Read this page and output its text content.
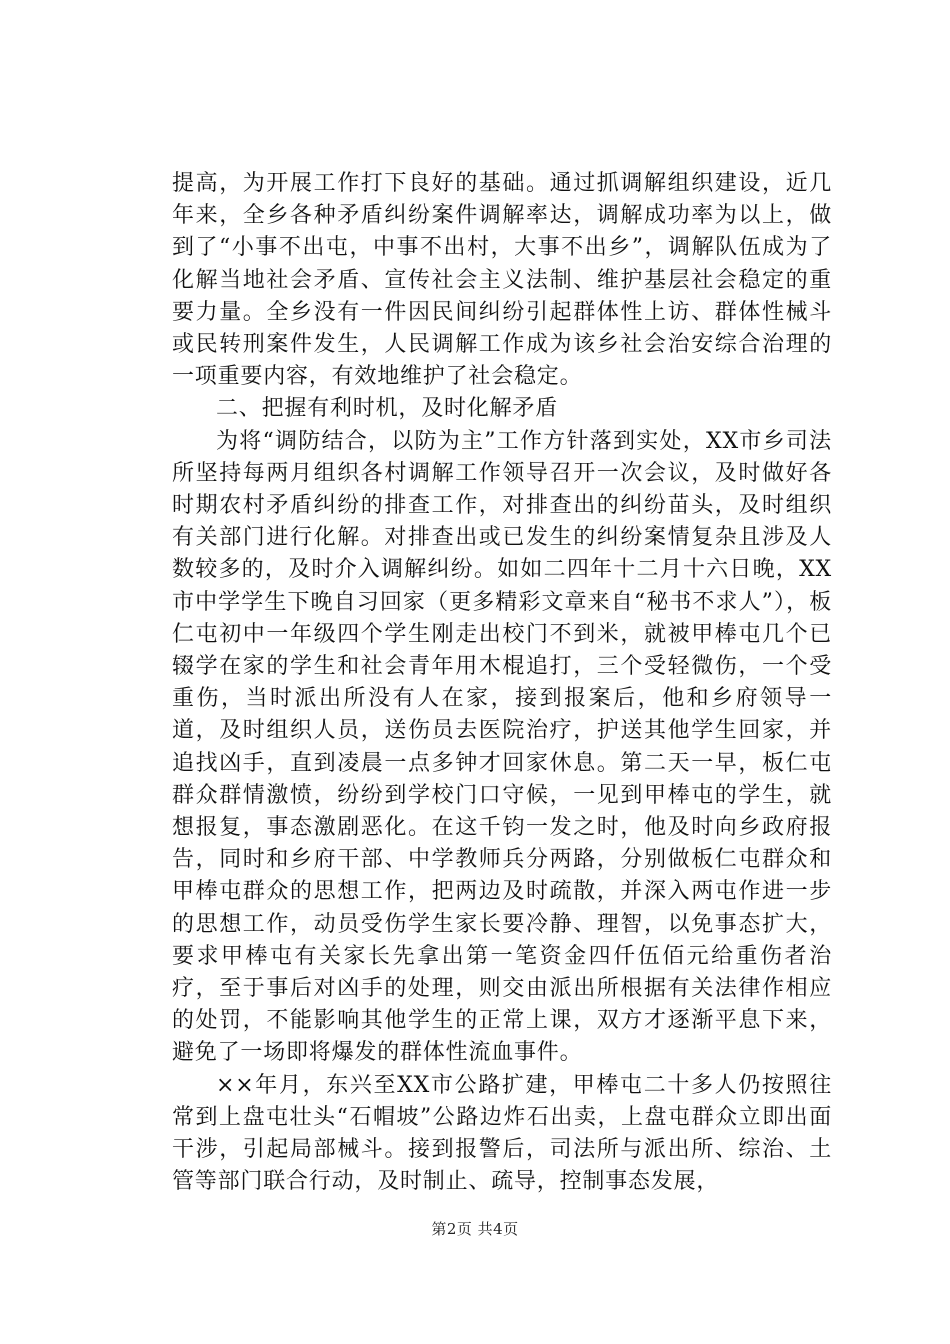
提高，为开展工作打下良好的基础。通过抓调解组织建设，近几年来，全乡各种矛盾纠纷案件调解率达，调解成功率为以上，做到了“小事不出屯，中事不出村，大事不出乡”，调解队伍成为了化解当地社会矛盾、宣传社会主义法制、维护基层社会稳定的重要力量。全乡没有一件因民间纠纷引起群体性上访、群体性械斗或民转刑案件发生，人民调解工作成为该乡社会治安综合治理的一项重要内容，有效地维护了社会稳定。

二、把握有利时机，及时化解矛盾

为将“调防结合，以防为主”工作方针落到实处，XX市乡司法所坚持每两月组织各村调解工作领导召开一次会议，及时做好各时期农村矛盾纠纷的排查工作，对排查出的纠纷苗头，及时组织有关部门进行化解。对排查出或已发生的纠纷案情复杂且涉及人数较多的，及时介入调解纠纷。如如二四年十二月十六日晚，XX市中学学生下晚自习回家（更多精彩文章来自“秘书不求人”），板仁屯初中一年级四个学生刚走出校门不到米，就被甲棒屯几个已辍学在家的学生和社会青年用木棍追打，三个受轻微伤，一个受重伤，当时派出所没有人在家，接到报案后，他和乡府领导一道，及时组织人员，送伤员去医院治疗，护送其他学生回家，并追找凶手，直到凌晨一点多钟才回家休息。第二天一早，板仁屯群众群情激愤，纷纷到学校门口守候，一见到甲棒屯的学生，就想报复，事态激剧恶化。在这千钧一发之时，他及时向乡政府报告，同时和乡府干部、中学教师兵分两路，分别做板仁屯群众和甲棒屯群众的思想工作，把两边及时疏散，并深入两屯作进一步的思想工作，动员受伤学生家长要冷静、理智，以免事态扩大，要求甲棒屯有关家长先拿出第一笔资金四仟伍佰元给重伤者治疗，至于事后对凶手的处理，则交由派出所根据有关法律作相应的处罚，不能影响其他学生的正常上课，双方才逐渐平息下来，避免了一场即将爆发的群体性流血事件。

××年月，东兴至XX市公路扩建，甲棒屯二十多人仍按照往常到上盘屯壮头“石帽坡”公路边炸石出卖，上盘屯群众立即出面干涉，引起局部械斗。接到报警后，司法所与派出所、综治、土管等部门联合行动，及时制止、疏导，控制事态发展，

第2页 共4页
